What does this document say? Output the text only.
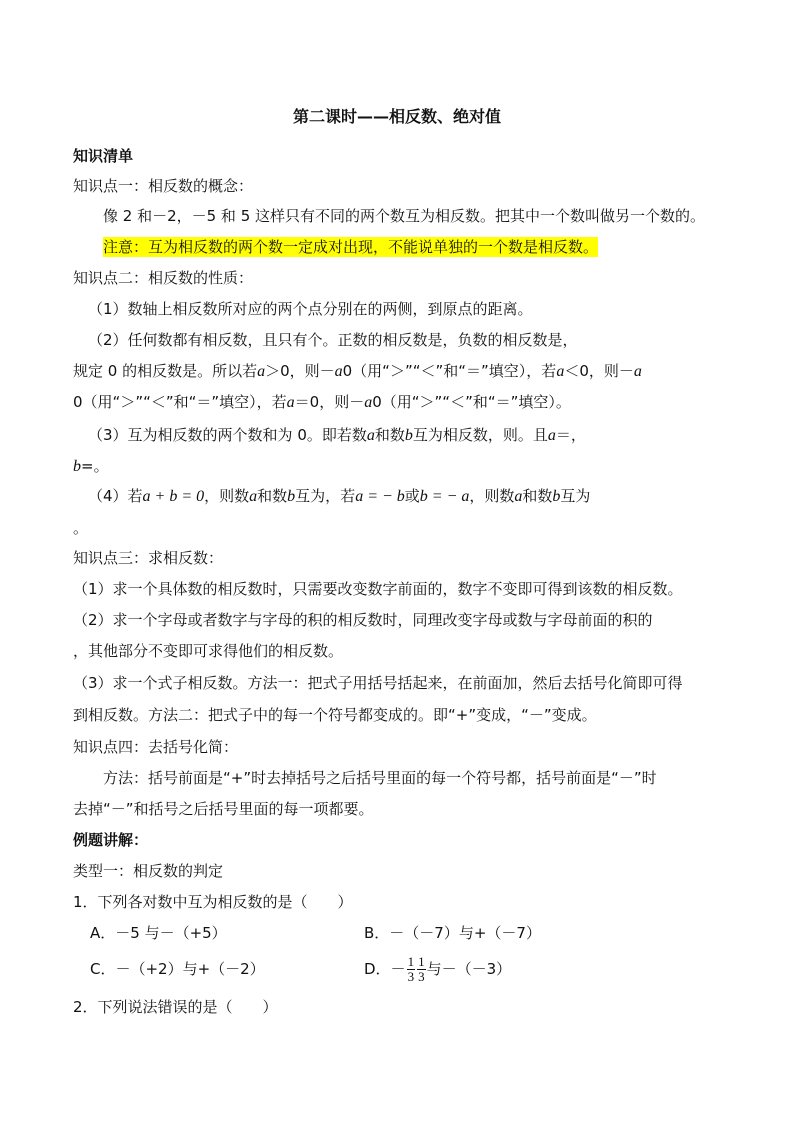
第二课时——相反数、绝对值
知识清单
知识点一：相反数的概念：
像 2 和－2，－5 和 5 这样只有不同的两个数互为相反数。把其中一个数叫做另一个数的。
注意：互为相反数的两个数一定成对出现，不能说单独的一个数是相反数。
知识点二：相反数的性质：
（1）数轴上相反数所对应的两个点分别在的两侧，到原点的距离。
（2）任何数都有相反数，且只有个。正数的相反数是，负数的相反数是，
规定 0 的相反数是。所以若a＞0，则－a0（用“＞”“＜”和“＝”填空），若a＜0，则－a
0（用“＞”“＜”和“＝”填空），若a＝0，则－a0（用“＞”“＜”和“＝”填空）。
（3）互为相反数的两个数和为 0。即若数a和数b互为相反数，则。且a＝，
b=。
（4）若a + b = 0，则数a和数b互为，若a = − b或b = − a，则数a和数b互为
。
知识点三：求相反数：
（1）求一个具体数的相反数时，只需要改变数字前面的，数字不变即可得到该数的相反数。
（2）求一个字母或者数字与字母的积的相反数时，同理改变字母或数与字母前面的积的
，其他部分不变即可求得他们的相反数。
（3）求一个式子相反数。方法一：把式子用括号括起来，在前面加，然后去括号化简即可得
到相反数。方法二：把式子中的每一个符号都变成的。即“+”变成，“－”变成。
知识点四：去括号化简：
方法：括号前面是“+”时去掉括号之后括号里面的每一个符号都，括号前面是“－”时
去掉“－”和括号之后括号里面的每一项都要。
例题讲解：
类型一：相反数的判定
1．下列各对数中互为相反数的是（　　）
A．－5 与－（+5）	B．－（－7）与+（－7）
C．－（+2）与+（－2）	D．－ $\frac{1}{3} \frac{1}{3}$ 与－（－3）
2．下列说法错误的是（　　）
